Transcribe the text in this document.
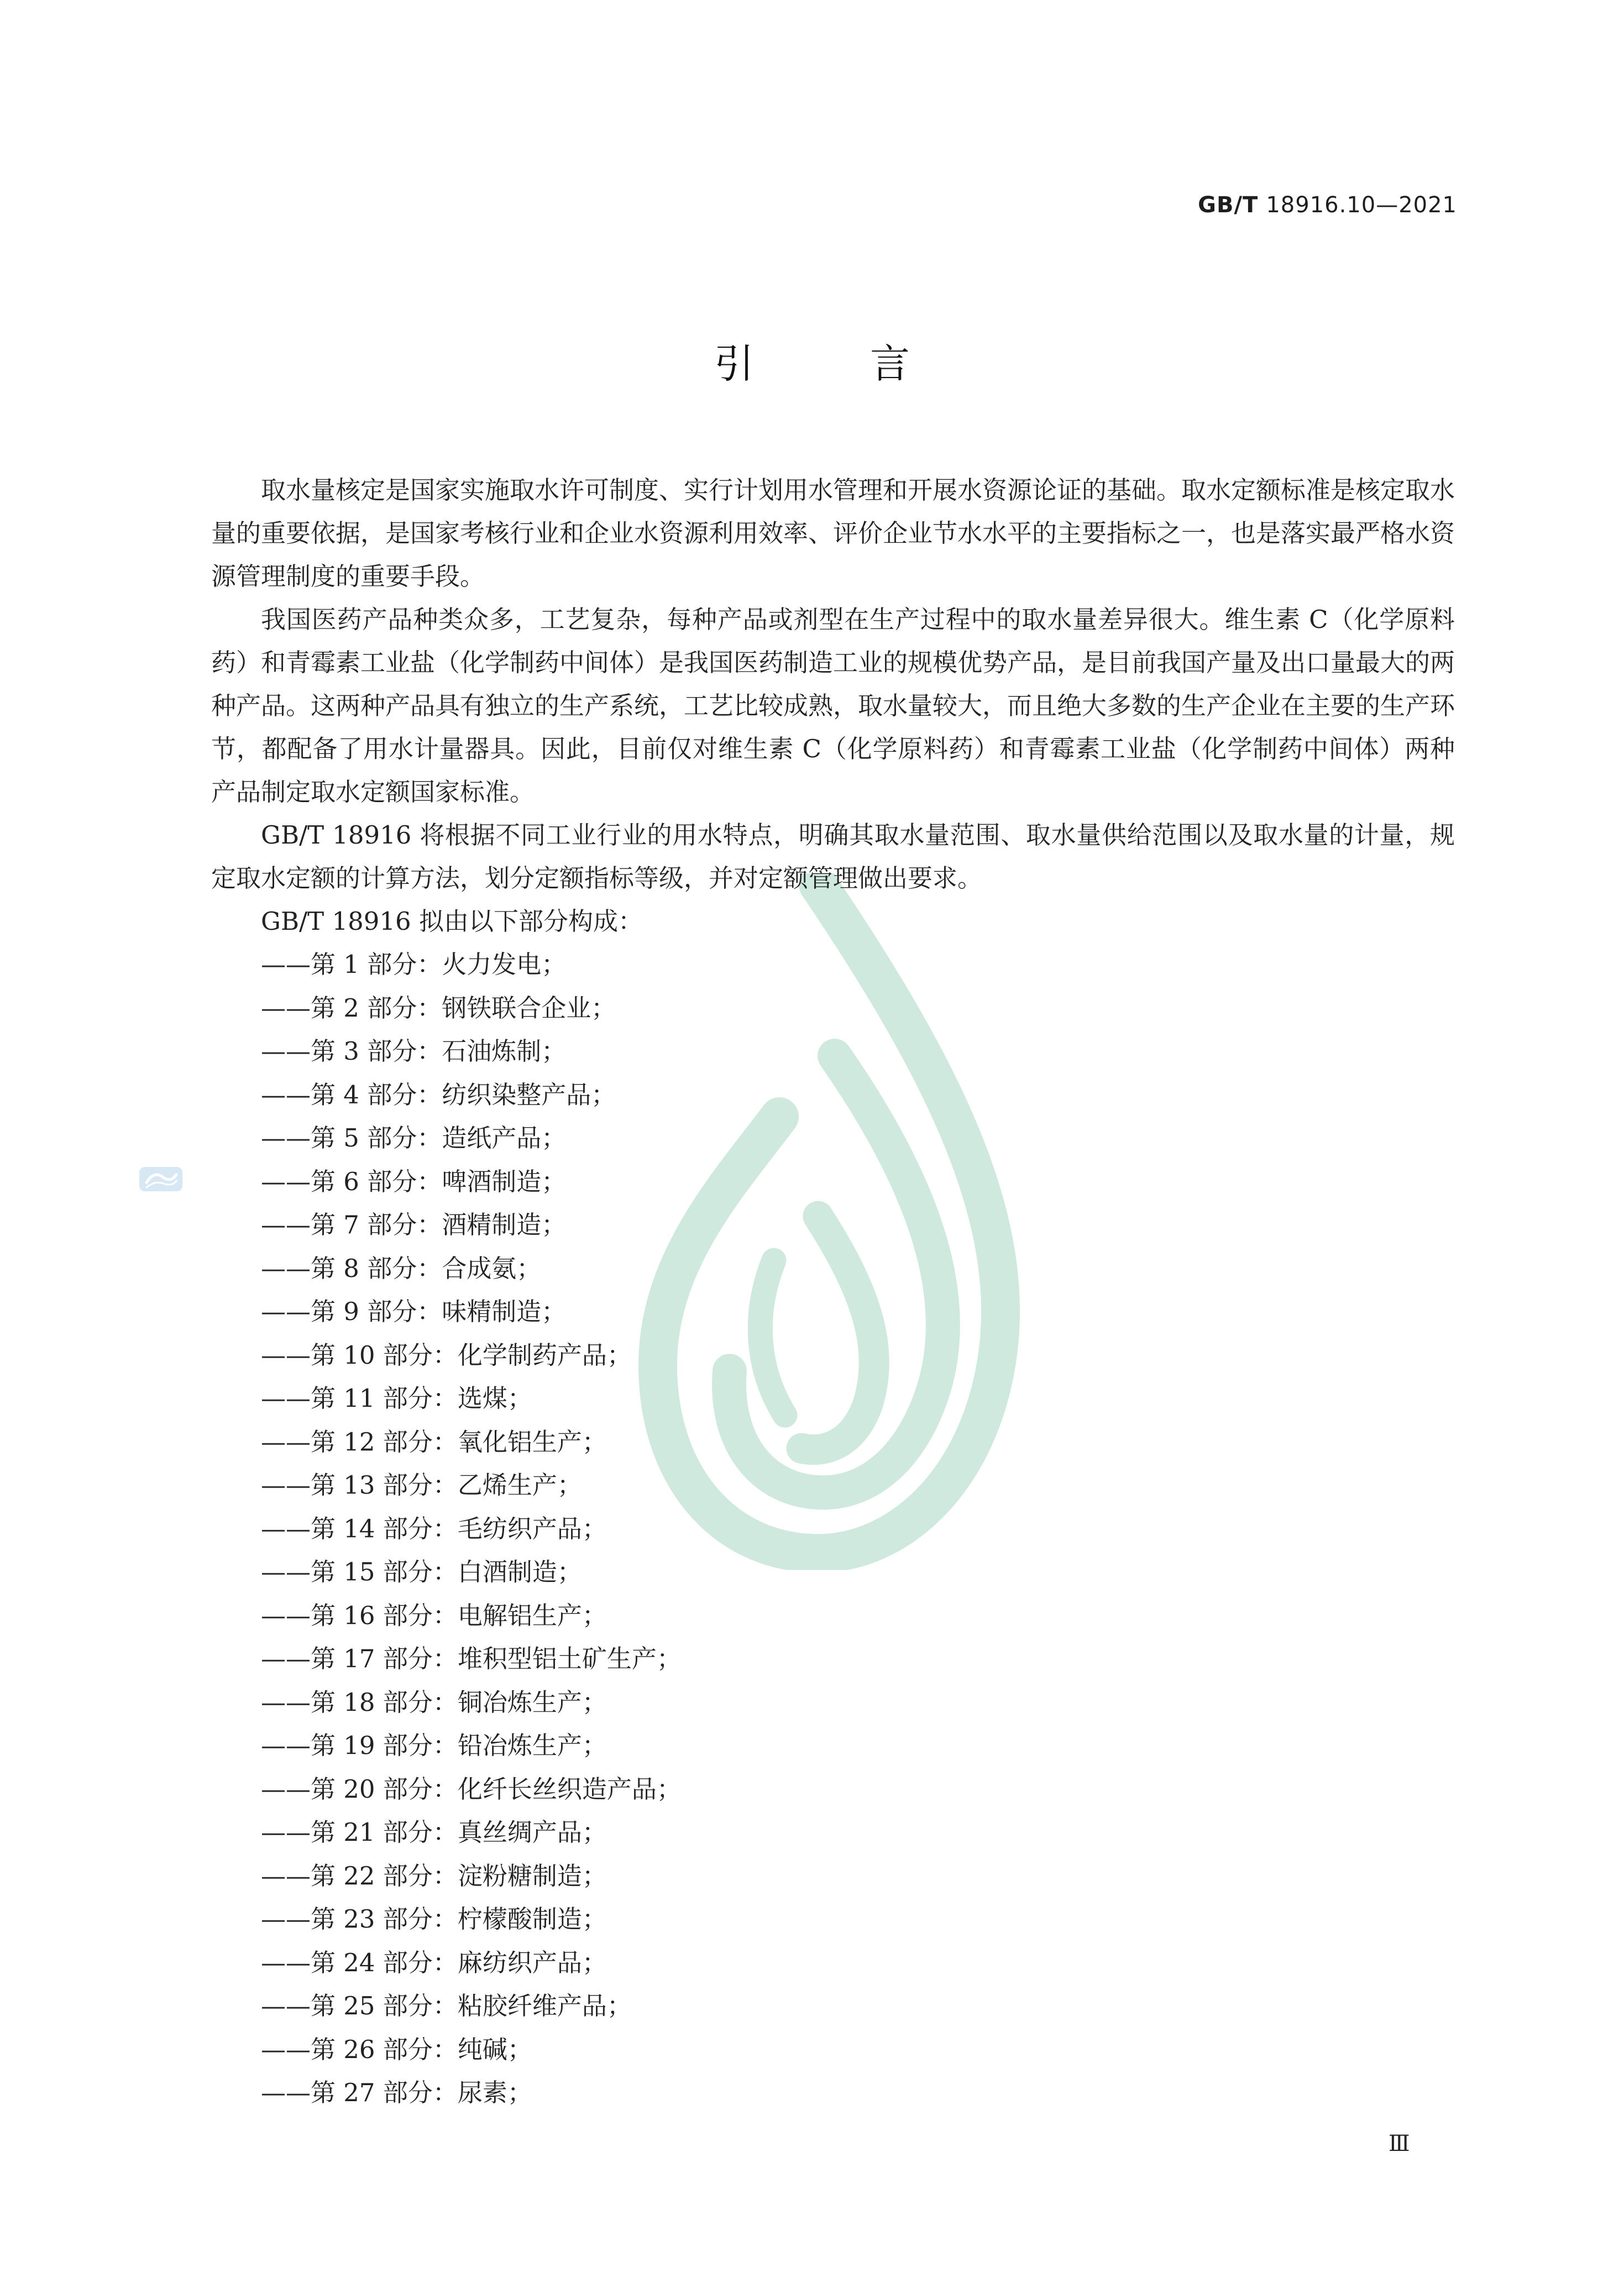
GB/T 18916.10—2021
引言

取水量核定是国家实施取水许可制度、实行计划用水管理和开展水资源论证的基础。取水定额标准是核定取水量的重要依据，是国家考核行业和企业水资源利用效率、评价企业节水水平的主要指标之一，也是落实最严格水资源管理制度的重要手段。

我国医药产品种类众多，工艺复杂，每种产品或剂型在生产过程中的取水量差异很大。维生素 C（化学原料药）和青霉素工业盐（化学制药中间体）是我国医药制造工业的规模优势产品，是目前我国产量及出口量最大的两种产品。这两种产品具有独立的生产系统，工艺比较成熟，取水量较大，而且绝大多数的生产企业在主要的生产环节，都配备了用水计量器具。因此，目前仅对维生素 C（化学原料药）和青霉素工业盐（化学制药中间体）两种产品制定取水定额国家标准。

GB/T 18916 将根据不同工业行业的用水特点，明确其取水量范围、取水量供给范围以及取水量的计量，规定取水定额的计算方法，划分定额指标等级，并对定额管理做出要求。

GB/T 18916 拟由以下部分构成：

——第 1 部分：火力发电；
——第 2 部分：钢铁联合企业；
——第 3 部分：石油炼制；
——第 4 部分：纺织染整产品；
——第 5 部分：造纸产品；
——第 6 部分：啤酒制造；
——第 7 部分：酒精制造；
——第 8 部分：合成氨；
——第 9 部分：味精制造；
——第 10 部分：化学制药产品；
——第 11 部分：选煤；
——第 12 部分：氧化铝生产；
——第 13 部分：乙烯生产；
——第 14 部分：毛纺织产品；
——第 15 部分：白酒制造；
——第 16 部分：电解铝生产；
——第 17 部分：堆积型铝土矿生产；
——第 18 部分：铜冶炼生产；
——第 19 部分：铅冶炼生产；
——第 20 部分：化纤长丝织造产品；
——第 21 部分：真丝绸产品；
——第 22 部分：淀粉糖制造；
——第 23 部分：柠檬酸制造；
——第 24 部分：麻纺织产品；
——第 25 部分：粘胶纤维产品；
——第 26 部分：纯碱；
——第 27 部分：尿素；
Ⅲ
